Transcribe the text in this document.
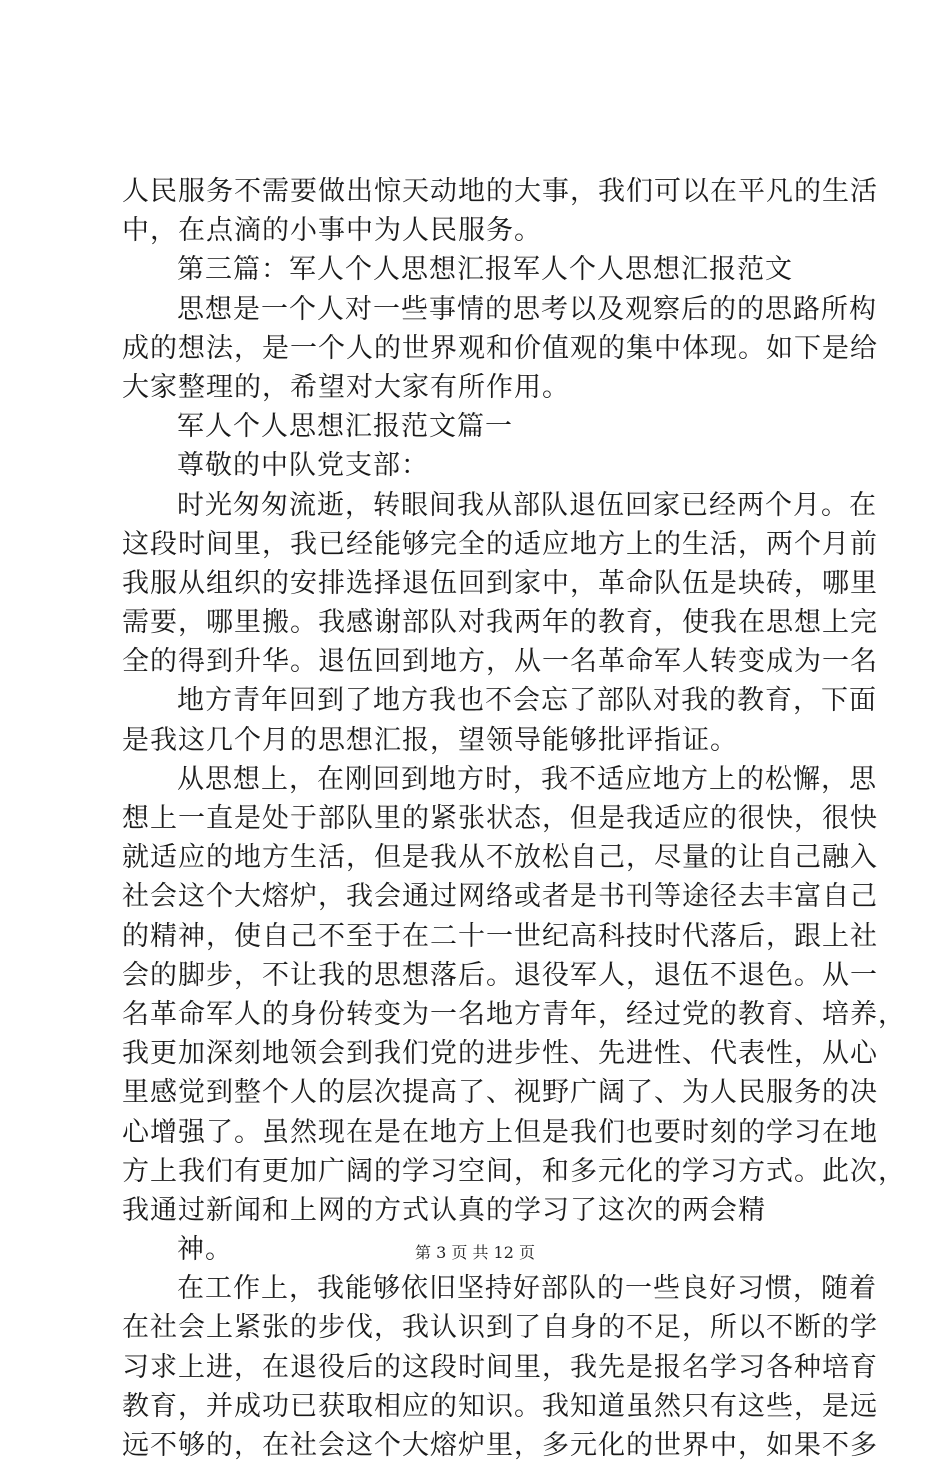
人民服务不需要做出惊天动地的大事，我们可以在平凡的生活
中，在点滴的小事中为人民服务。
第三篇：军人个人思想汇报军人个人思想汇报范文
思想是一个人对一些事情的思考以及观察后的的思路所构
成的想法，是一个人的世界观和价值观的集中体现。如下是给
大家整理的，希望对大家有所作用。
军人个人思想汇报范文篇一
尊敬的中队党支部：
时光匆匆流逝，转眼间我从部队退伍回家已经两个月。在
这段时间里，我已经能够完全的适应地方上的生活，两个月前
我服从组织的安排选择退伍回到家中，革命队伍是块砖，哪里
需要，哪里搬。我感谢部队对我两年的教育，使我在思想上完
全的得到升华。退伍回到地方，从一名革命军人转变成为一名
地方青年回到了地方我也不会忘了部队对我的教育，下面
是我这几个月的思想汇报，望领导能够批评指证。
从思想上，在刚回到地方时，我不适应地方上的松懈，思
想上一直是处于部队里的紧张状态，但是我适应的很快，很快
就适应的地方生活，但是我从不放松自己，尽量的让自己融入
社会这个大熔炉，我会通过网络或者是书刊等途径去丰富自己
的精神，使自己不至于在二十一世纪高科技时代落后，跟上社
会的脚步，不让我的思想落后。退役军人，退伍不退色。从一
名革命军人的身份转变为一名地方青年，经过党的教育、培养，
我更加深刻地领会到我们党的进步性、先进性、代表性，从心
里感觉到整个人的层次提高了、视野广阔了、为人民服务的决
心增强了。虽然现在是在地方上但是我们也要时刻的学习在地
方上我们有更加广阔的学习空间，和多元化的学习方式。此次，
我通过新闻和上网的方式认真的学习了这次的两会精
神。
在工作上，我能够依旧坚持好部队的一些良好习惯，随着
在社会上紧张的步伐，我认识到了自身的不足，所以不断的学
习求上进，在退役后的这段时间里，我先是报名学习各种培育
教育，并成功已获取相应的知识。我知道虽然只有这些，是远
远不够的，在社会这个大熔炉里，多元化的世界中，如果不多
第 3 页 共 12 页
